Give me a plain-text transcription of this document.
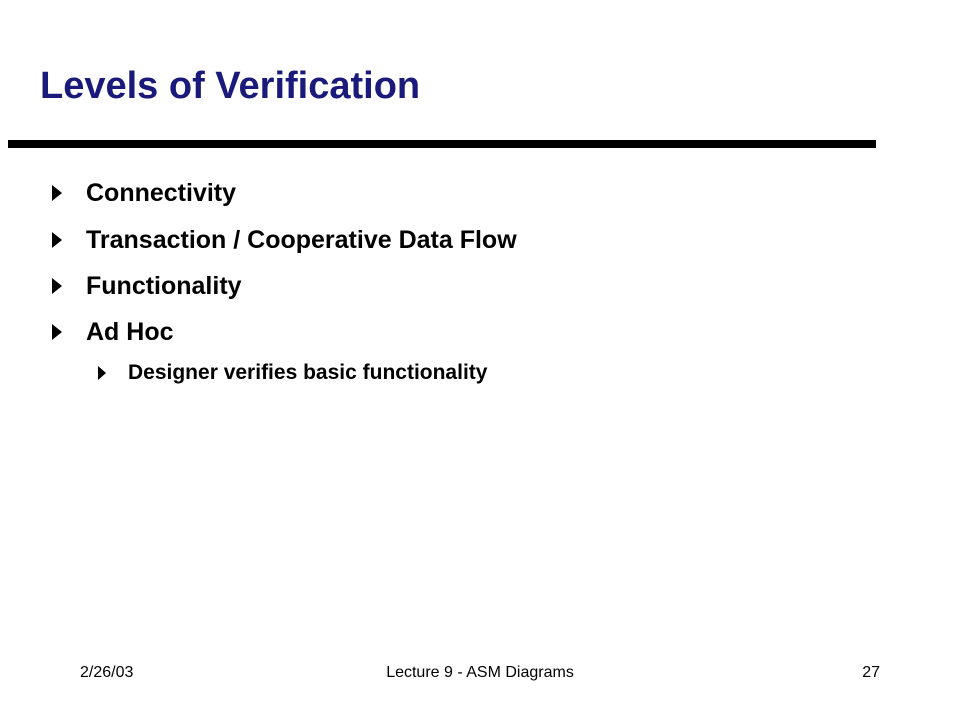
Levels of Verification
Connectivity
Transaction / Cooperative Data Flow
Functionality
Ad Hoc
Designer verifies basic functionality
2/26/03	Lecture 9 - ASM Diagrams	27
